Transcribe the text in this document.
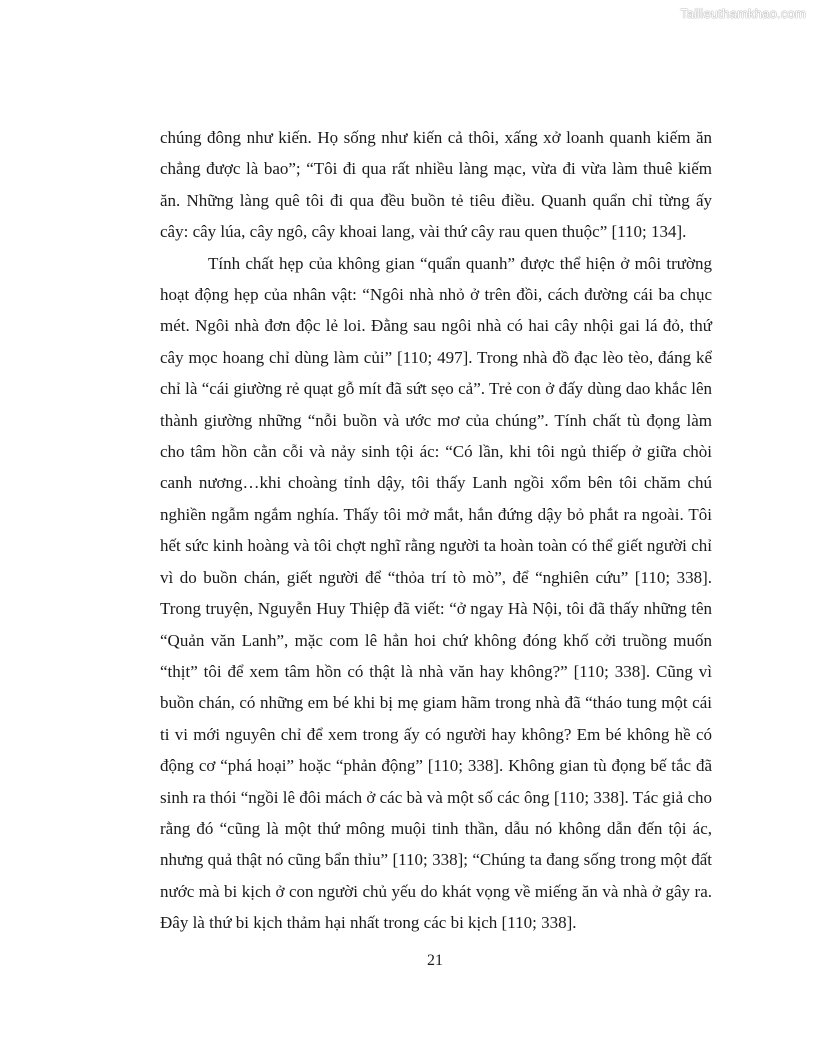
Tailieuthamkhao.com

chúng đông như kiến. Họ sống như kiến cả thôi, xấng xở loanh quanh kiếm ăn chẳng được là bao”; “Tôi đi qua rất nhiều làng mạc, vừa đi vừa làm thuê kiếm ăn. Những làng quê tôi đi qua đều buồn tẻ tiêu điều. Quanh quẩn chỉ từng ấy cây: cây lúa, cây ngô, cây khoai lang, vài thứ cây rau quen thuộc” [110; 134].

Tính chất hẹp của không gian “quẩn quanh” được thể hiện ở môi trường hoạt động hẹp của nhân vật: “Ngôi nhà nhỏ ở trên đồi, cách đường cái ba chục mét. Ngôi nhà đơn độc lẻ loi. Đằng sau ngôi nhà có hai cây nhội gai lá đỏ, thứ cây mọc hoang chỉ dùng làm củi” [110; 497]. Trong nhà đồ đạc lèo tèo, đáng kể chỉ là “cái giường rẻ quạt gỗ mít đã sứt sẹo cả”. Trẻ con ở đấy dùng dao khắc lên thành giường những “nỗi buồn và ước mơ của chúng”. Tính chất tù đọng làm cho tâm hồn cằn cỗi và nảy sinh tội ác: “Có lần, khi tôi ngủ thiếp ở giữa chòi canh nương…khi choàng tỉnh dậy, tôi thấy Lanh ngồi xổm bên tôi chăm chú nghiền ngẫm ngắm nghía. Thấy tôi mở mắt, hắn đứng dậy bỏ phắt ra ngoài. Tôi hết sức kinh hoàng và tôi chợt nghĩ rằng người ta hoàn toàn có thể giết người chỉ vì do buồn chán, giết người để “thỏa trí tò mò”, để “nghiên cứu” [110; 338]. Trong truyện, Nguyễn Huy Thiệp đã viết: “ở ngay Hà Nội, tôi đã thấy những tên “Quản văn Lanh”, mặc com lê hẳn hoi chứ không đóng khố cởi truồng muốn “thịt” tôi để xem tâm hồn có thật là nhà văn hay không?” [110; 338]. Cũng vì buồn chán, có những em bé khi bị mẹ giam hãm trong nhà đã “tháo tung một cái ti vi mới nguyên chỉ để xem trong ấy có người hay không? Em bé không hề có động cơ “phá hoại” hoặc “phản động” [110; 338]. Không gian tù đọng bế tắc đã sinh ra thói “ngồi lê đôi mách ở các bà và một số các ông [110; 338]. Tác giả cho rằng đó “cũng là một thứ mông muội tinh thần, dẫu nó không dẫn đến tội ác, nhưng quả thật nó cũng bẩn thỉu” [110; 338]; “Chúng ta đang sống trong một đất nước mà bi kịch ở con người chủ yếu do khát vọng về miếng ăn và nhà ở gây ra. Đây là thứ bi kịch thảm hại nhất trong các bi kịch [110; 338].

21
